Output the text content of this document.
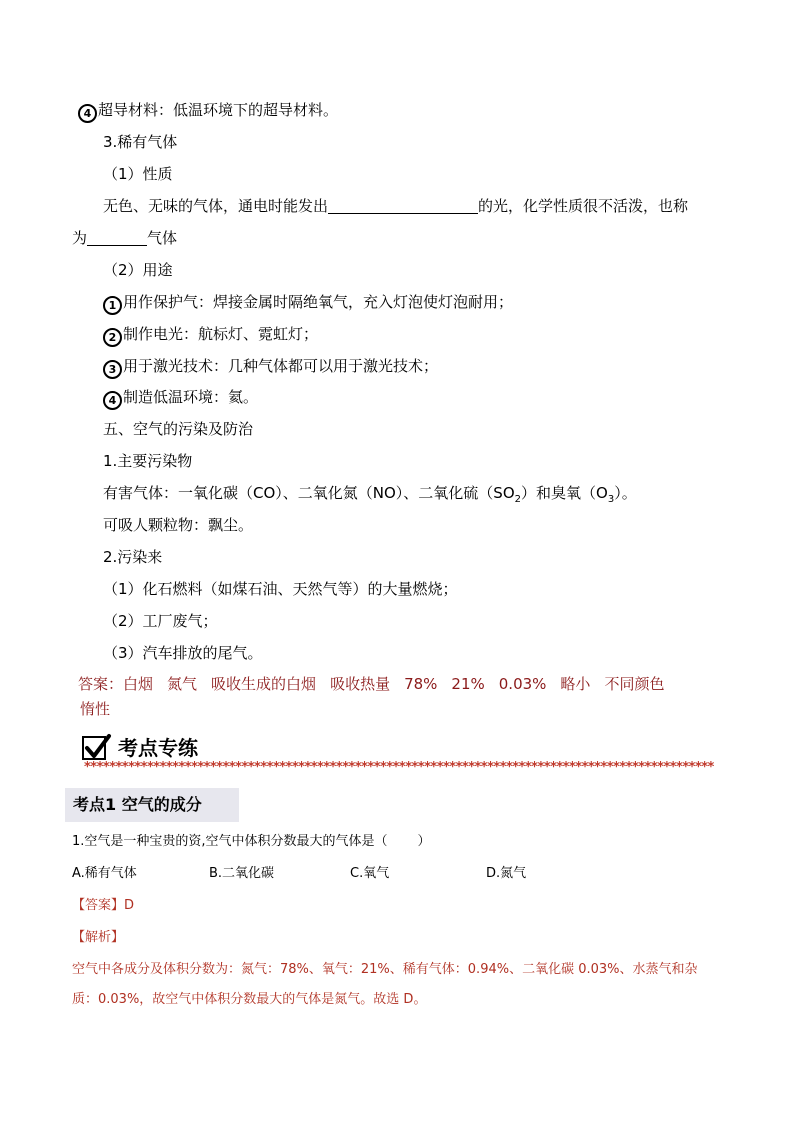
4 超导材料：低温环境下的超导材料。
3.稀有气体
（1）性质
无色、无味的气体，通电时能发出	的光，化学性质很不活泼，也称
为	气体
（2）用途
1 用作保护气：焊接金属时隔绝氧气，充入灯泡使灯泡耐用；
2 制作电光：航标灯、霓虹灯；
3 用于激光技术：几种气体都可以用于激光技术；
4 制造低温环境：氦。
五、空气的污染及防治
1.主要污染物
有害气体：一氧化碳（CO）、二氧化氮（NO）、二氧化硫$(SO_2)$和臭氧$(O_3)$。
可吸人颗粒物：飘尘。
2.污染来
（1）化石燃料（如煤石油、天然气等）的大量燃烧；
（2）工厂废气；
（3）汽车排放的尾气。
答案：白烟 氮气 吸收生成的白烟 吸收热量 78% 21% 0.03% 略小 不同颜色
惰性
考点专练
****************************************************************************************************
考点1 空气的成分
1.空气是一种宝贵的资,空气中体积分数最大的气体是（ ）
A.稀有气体	B.二氧化碳	C.氧气	D.氮气
【答案】D
【解析】
空气中各成分及体积分数为：氮气：78%、氧气：21%、稀有气体：0.94%、二氧化碳 0.03%、水蒸气和杂
质：0.03%，故空气中体积分数最大的气体是氮气。故选 D。
